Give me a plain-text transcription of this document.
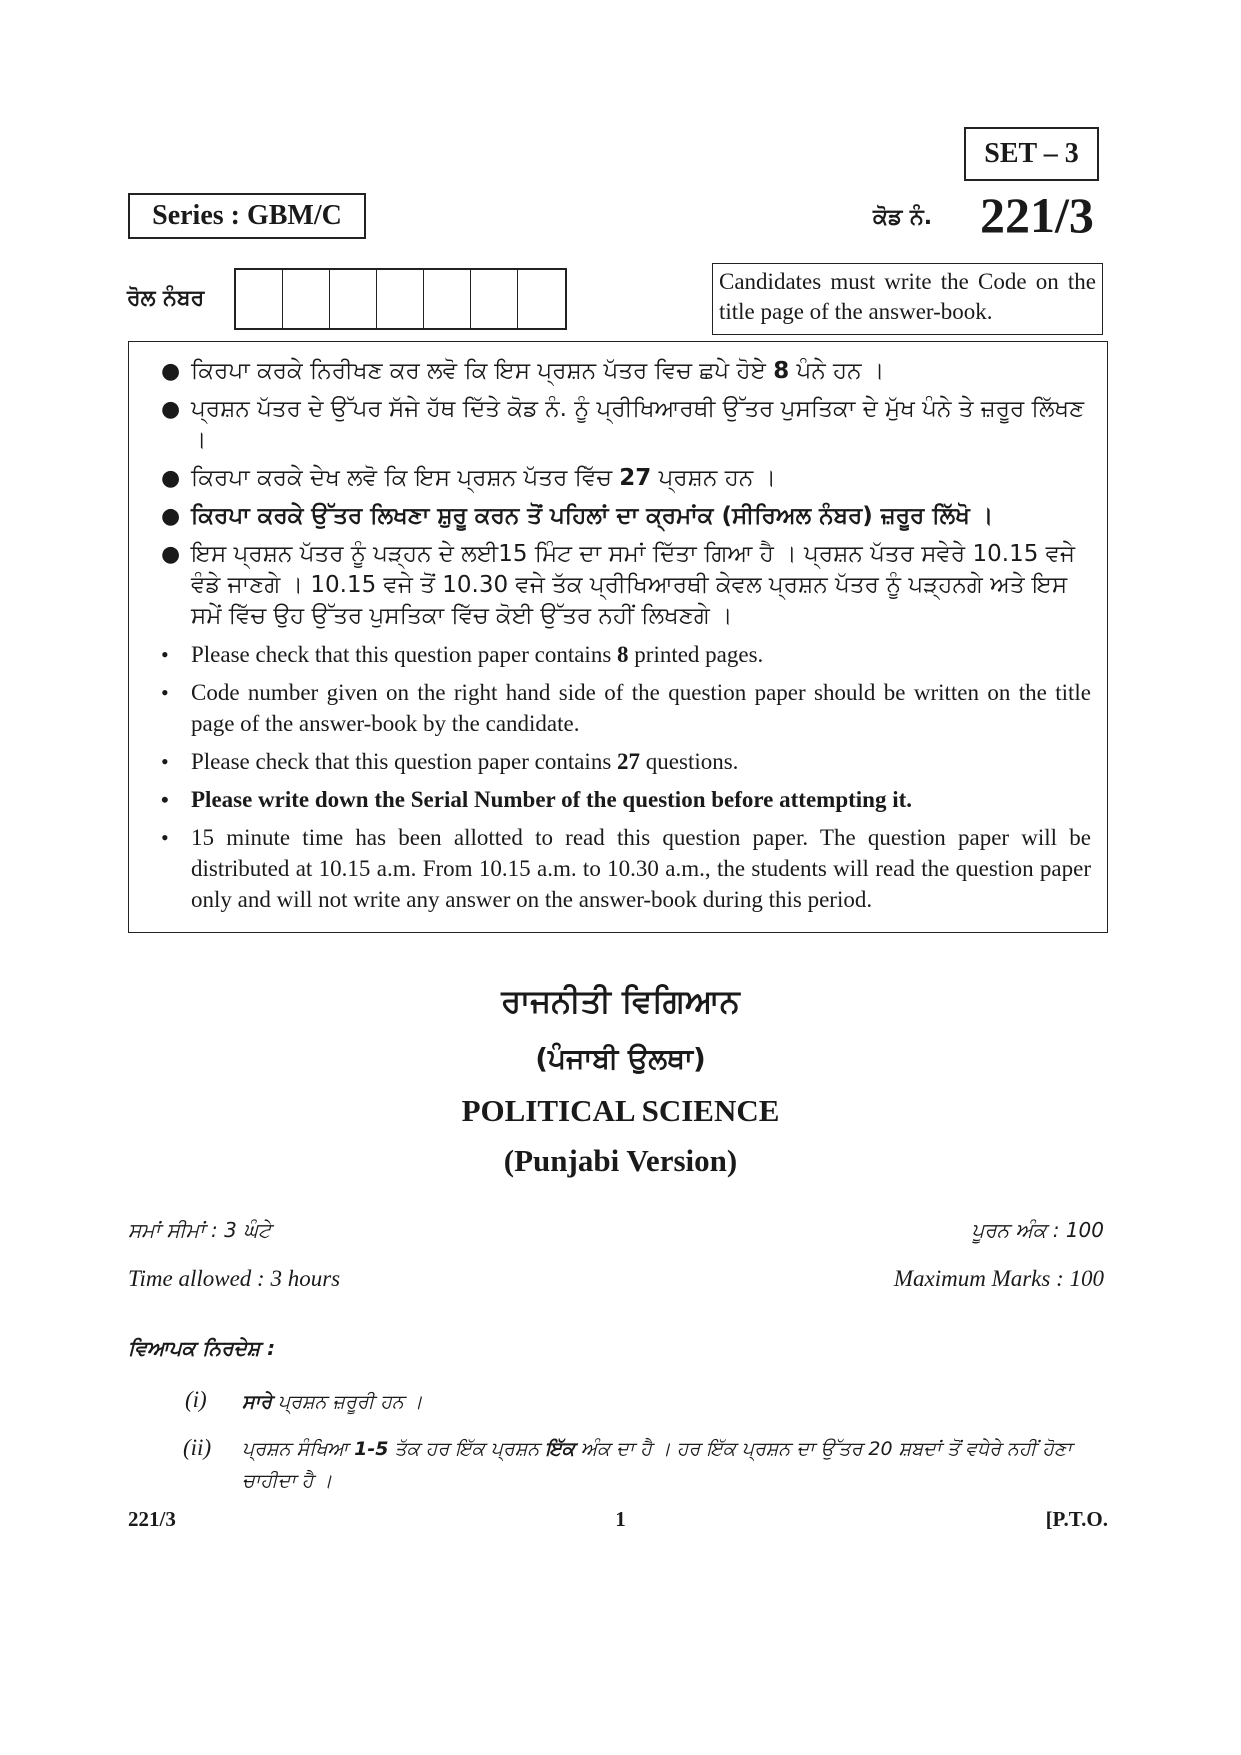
SET – 3
Series : GBM/C	ਕੋਡ ਨੰ. 221/3
ਰੋਲ ਨੰਬਰ
Candidates must write the Code on the title page of the answer-book.
● ਕਿਰਪਾ ਕਰਕੇ ਨਿਰੀਖਣ ਕਰ ਲਵੋ ਕਿ ਇਸ ਪ੍ਰਸ਼ਨ ਪੱਤਰ ਵਿਚ ਛਪੇ ਹੋਏ 8 ਪੰਨੇ ਹਨ ।
● ਪ੍ਰਸ਼ਨ ਪੱਤਰ ਦੇ ਉੱਪਰ ਸੱਜੇ ਹੱਥ ਦਿੱਤੇ ਕੋਡ ਨੰ. ਨੂੰ ਪ੍ਰੀਖਿਆਰਥੀ ਉੱਤਰ ਪੁਸਤਿਕਾ ਦੇ ਮੁੱਖ ਪੰਨੇ ਤੇ ਜ਼ਰੂਰ ਲਿੱਖਣ ।
● ਕਿਰਪਾ ਕਰਕੇ ਦੇਖ ਲਵੋ ਕਿ ਇਸ ਪ੍ਰਸ਼ਨ ਪੱਤਰ ਵਿੱਚ 27 ਪ੍ਰਸ਼ਨ ਹਨ ।
● ਕਿਰਪਾ ਕਰਕੇ ਉੱਤਰ ਲਿਖਣਾ ਸ਼ੁਰੂ ਕਰਨ ਤੋਂ ਪਹਿਲਾਂ ਦਾ ਕ੍ਰਮਾਂਕ (ਸੀਰਿਅਲ ਨੰਬਰ) ਜ਼ਰੂਰ ਲਿੱਖੋ ।
● ਇਸ ਪ੍ਰਸ਼ਨ ਪੱਤਰ ਨੂੰ ਪੜ੍ਹਨ ਦੇ ਲਈ15 ਮਿੰਟ ਦਾ ਸਮਾਂ ਦਿੱਤਾ ਗਿਆ ਹੈ । ਪ੍ਰਸ਼ਨ ਪੱਤਰ ਸਵੇਰੇ 10.15 ਵਜੇ ਵੰਡੇ ਜਾਣਗੇ । 10.15 ਵਜੇ ਤੋਂ 10.30 ਵਜੇ ਤੱਕ ਪ੍ਰੀਖਿਆਰਥੀ ਕੇਵਲ ਪ੍ਰਸ਼ਨ ਪੱਤਰ ਨੂੰ ਪੜ੍ਹਨਗੇ ਅਤੇ ਇਸ ਸਮੇਂ ਵਿੱਚ ਉਹ ਉੱਤਰ ਪੁਸਤਿਕਾ ਵਿੱਚ ਕੋਈ ਉੱਤਰ ਨਹੀਂ ਲਿਖਣਗੇ ।
• Please check that this question paper contains 8 printed pages.
• Code number given on the right hand side of the question paper should be written on the title page of the answer-book by the candidate.
• Please check that this question paper contains 27 questions.
• Please write down the Serial Number of the question before attempting it.
• 15 minute time has been allotted to read this question paper. The question paper will be distributed at 10.15 a.m. From 10.15 a.m. to 10.30 a.m., the students will read the question paper only and will not write any answer on the answer-book during this period.
ਰਾਜਨੀਤੀ ਵਿਗਿਆਨ
(ਪੰਜਾਬੀ ਉਲਥਾ)
POLITICAL SCIENCE
(Punjabi Version)
ਸਮਾਂ ਸੀਮਾਂ : 3 ਘੰਟੇ	ਪੂਰਨ ਅੰਕ : 100
Time allowed : 3 hours	Maximum Marks : 100
ਵਿਆਪਕ ਨਿਰਦੇਸ਼ :
(i) ਸਾਰੇ ਪ੍ਰਸ਼ਨ ਜ਼ਰੂਰੀ ਹਨ ।
(ii) ਪ੍ਰਸ਼ਨ ਸੰਖਿਆ 1-5 ਤੱਕ ਹਰ ਇੱਕ ਪ੍ਰਸ਼ਨ ਇੱਕ ਅੰਕ ਦਾ ਹੈ । ਹਰ ਇੱਕ ਪ੍ਰਸ਼ਨ ਦਾ ਉੱਤਰ 20 ਸ਼ਬਦਾਂ ਤੋਂ ਵਧੇਰੇ ਨਹੀਂ ਹੋਣਾ ਚਾਹੀਦਾ ਹੈ ।
221/3	1	[P.T.O.
